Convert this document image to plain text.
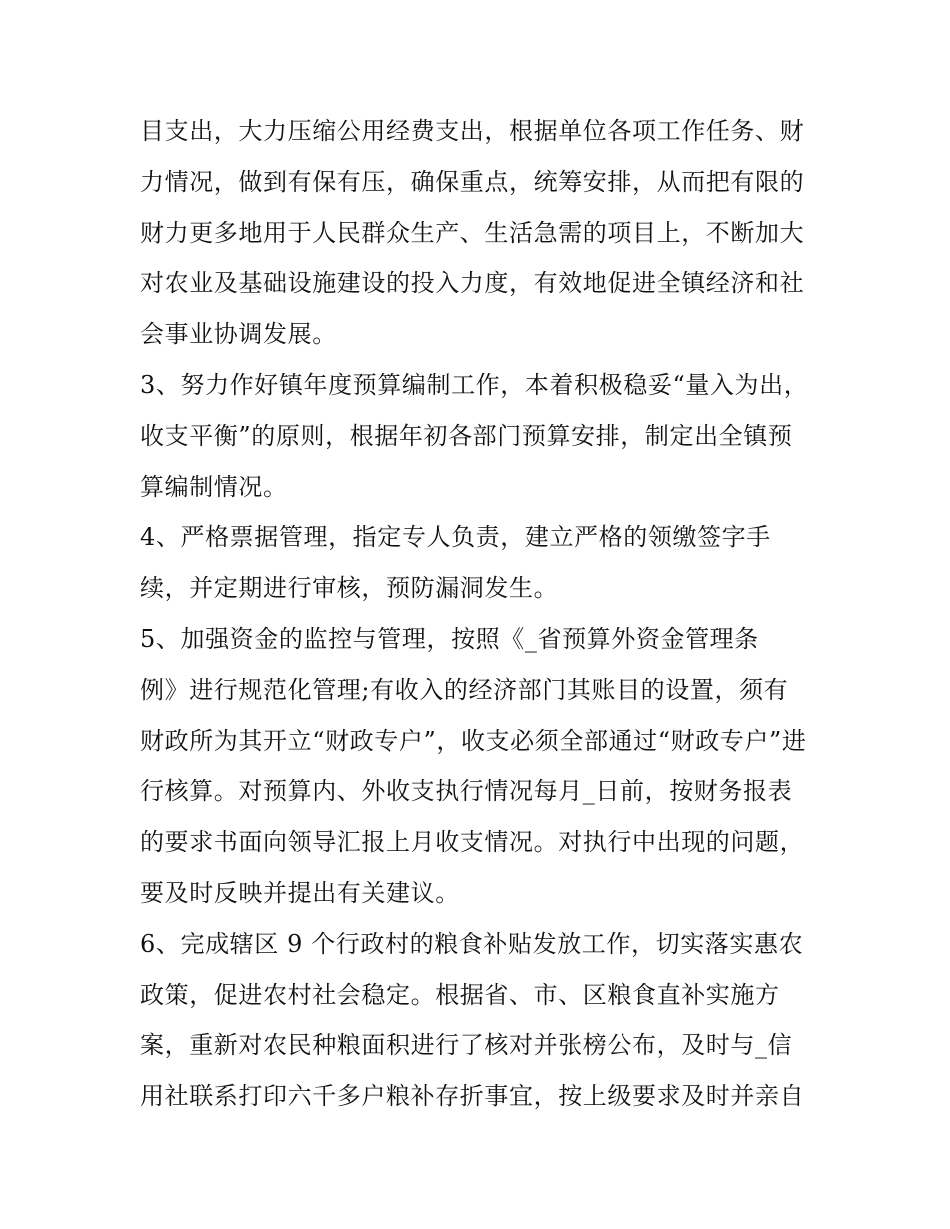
目支出，大力压缩公用经费支出，根据单位各项工作任务、财
力情况，做到有保有压，确保重点，统筹安排，从而把有限的
财力更多地用于人民群众生产、生活急需的项目上，不断加大
对农业及基础设施建设的投入力度，有效地促进全镇经济和社
会事业协调发展。
3、努力作好镇年度预算编制工作，本着积极稳妥“量入为出，
收支平衡”的原则，根据年初各部门预算安排，制定出全镇预
算编制情况。
4、严格票据管理，指定专人负责，建立严格的领缴签字手
续，并定期进行审核，预防漏洞发生。
5、加强资金的监控与管理，按照《_省预算外资金管理条
例》进行规范化管理;有收入的经济部门其账目的设置，须有
财政所为其开立“财政专户”，收支必须全部通过“财政专户”进
行核算。对预算内、外收支执行情况每月_日前，按财务报表
的要求书面向领导汇报上月收支情况。对执行中出现的问题，
要及时反映并提出有关建议。
6、完成辖区 9 个行政村的粮食补贴发放工作，切实落实惠农
政策，促进农村社会稳定。根据省、市、区粮食直补实施方
案，重新对农民种粮面积进行了核对并张榜公布，及时与_信
用社联系打印六千多户粮补存折事宜，按上级要求及时并亲自
